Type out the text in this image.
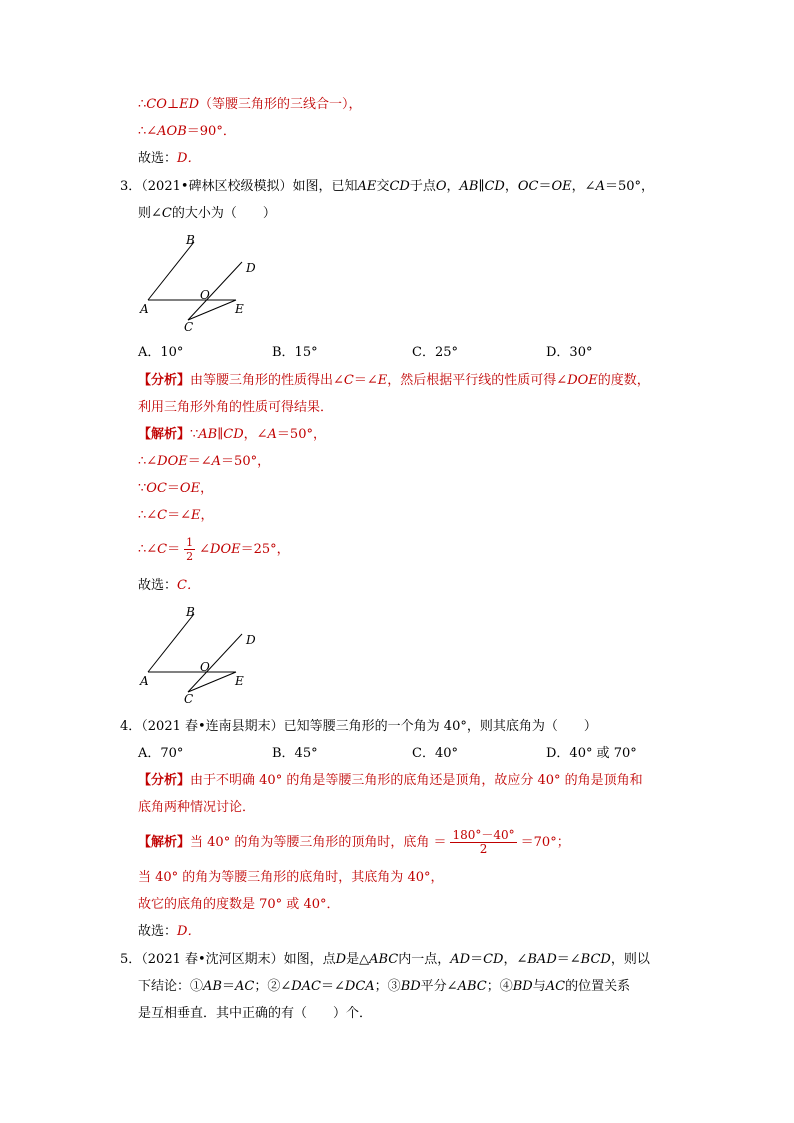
∴CO⊥ED（等腰三角形的三线合一），
∴∠AOB＝90°．
故选：D．
3．（2021•碑林区校级模拟）如图，已知AE交CD于点O，AB∥CD，OC＝OE，∠A＝50°，
则∠C的大小为（　　）
A
B
C
D
E
O
A．10°	B．15°	C．25°	D．30°
【分析】由等腰三角形的性质得出∠C＝∠E，然后根据平行线的性质可得∠DOE的度数，
利用三角形外角的性质可得结果．
【解析】∵AB∥CD，∠A＝50°，
∴∠DOE＝∠A＝50°，
∵OC＝OE，
∴∠C＝∠E，
∴∠C＝ $\frac{1}{2}$ ∠DOE＝25°，
故选：C．
A
B
C
D
E
O
4．（2021 春•连南县期末）已知等腰三角形的一个角为 40°，则其底角为（　　）
A．70°	B．45°	C．40°	D．40° 或 70°
【分析】由于不明确 40° 的角是等腰三角形的底角还是顶角，故应分 40° 的角是顶角和
底角两种情况讨论．
【解析】当 40° 的角为等腰三角形的顶角时，底角 ＝ $\frac{180^\circ-40^\circ}{2} =70^\circ$；
当 40° 的角为等腰三角形的底角时，其底角为 40°，
故它的底角的度数是 70° 或 40°．
故选：D．
5．（2021 春•沈河区期末）如图，点D是△ABC内一点，AD＝CD，∠BAD＝∠BCD，则以
下结论：①AB＝AC；②∠DAC＝∠DCA；③BD平分∠ABC；④BD与AC的位置关系
是互相垂直．其中正确的有（　　）个．
